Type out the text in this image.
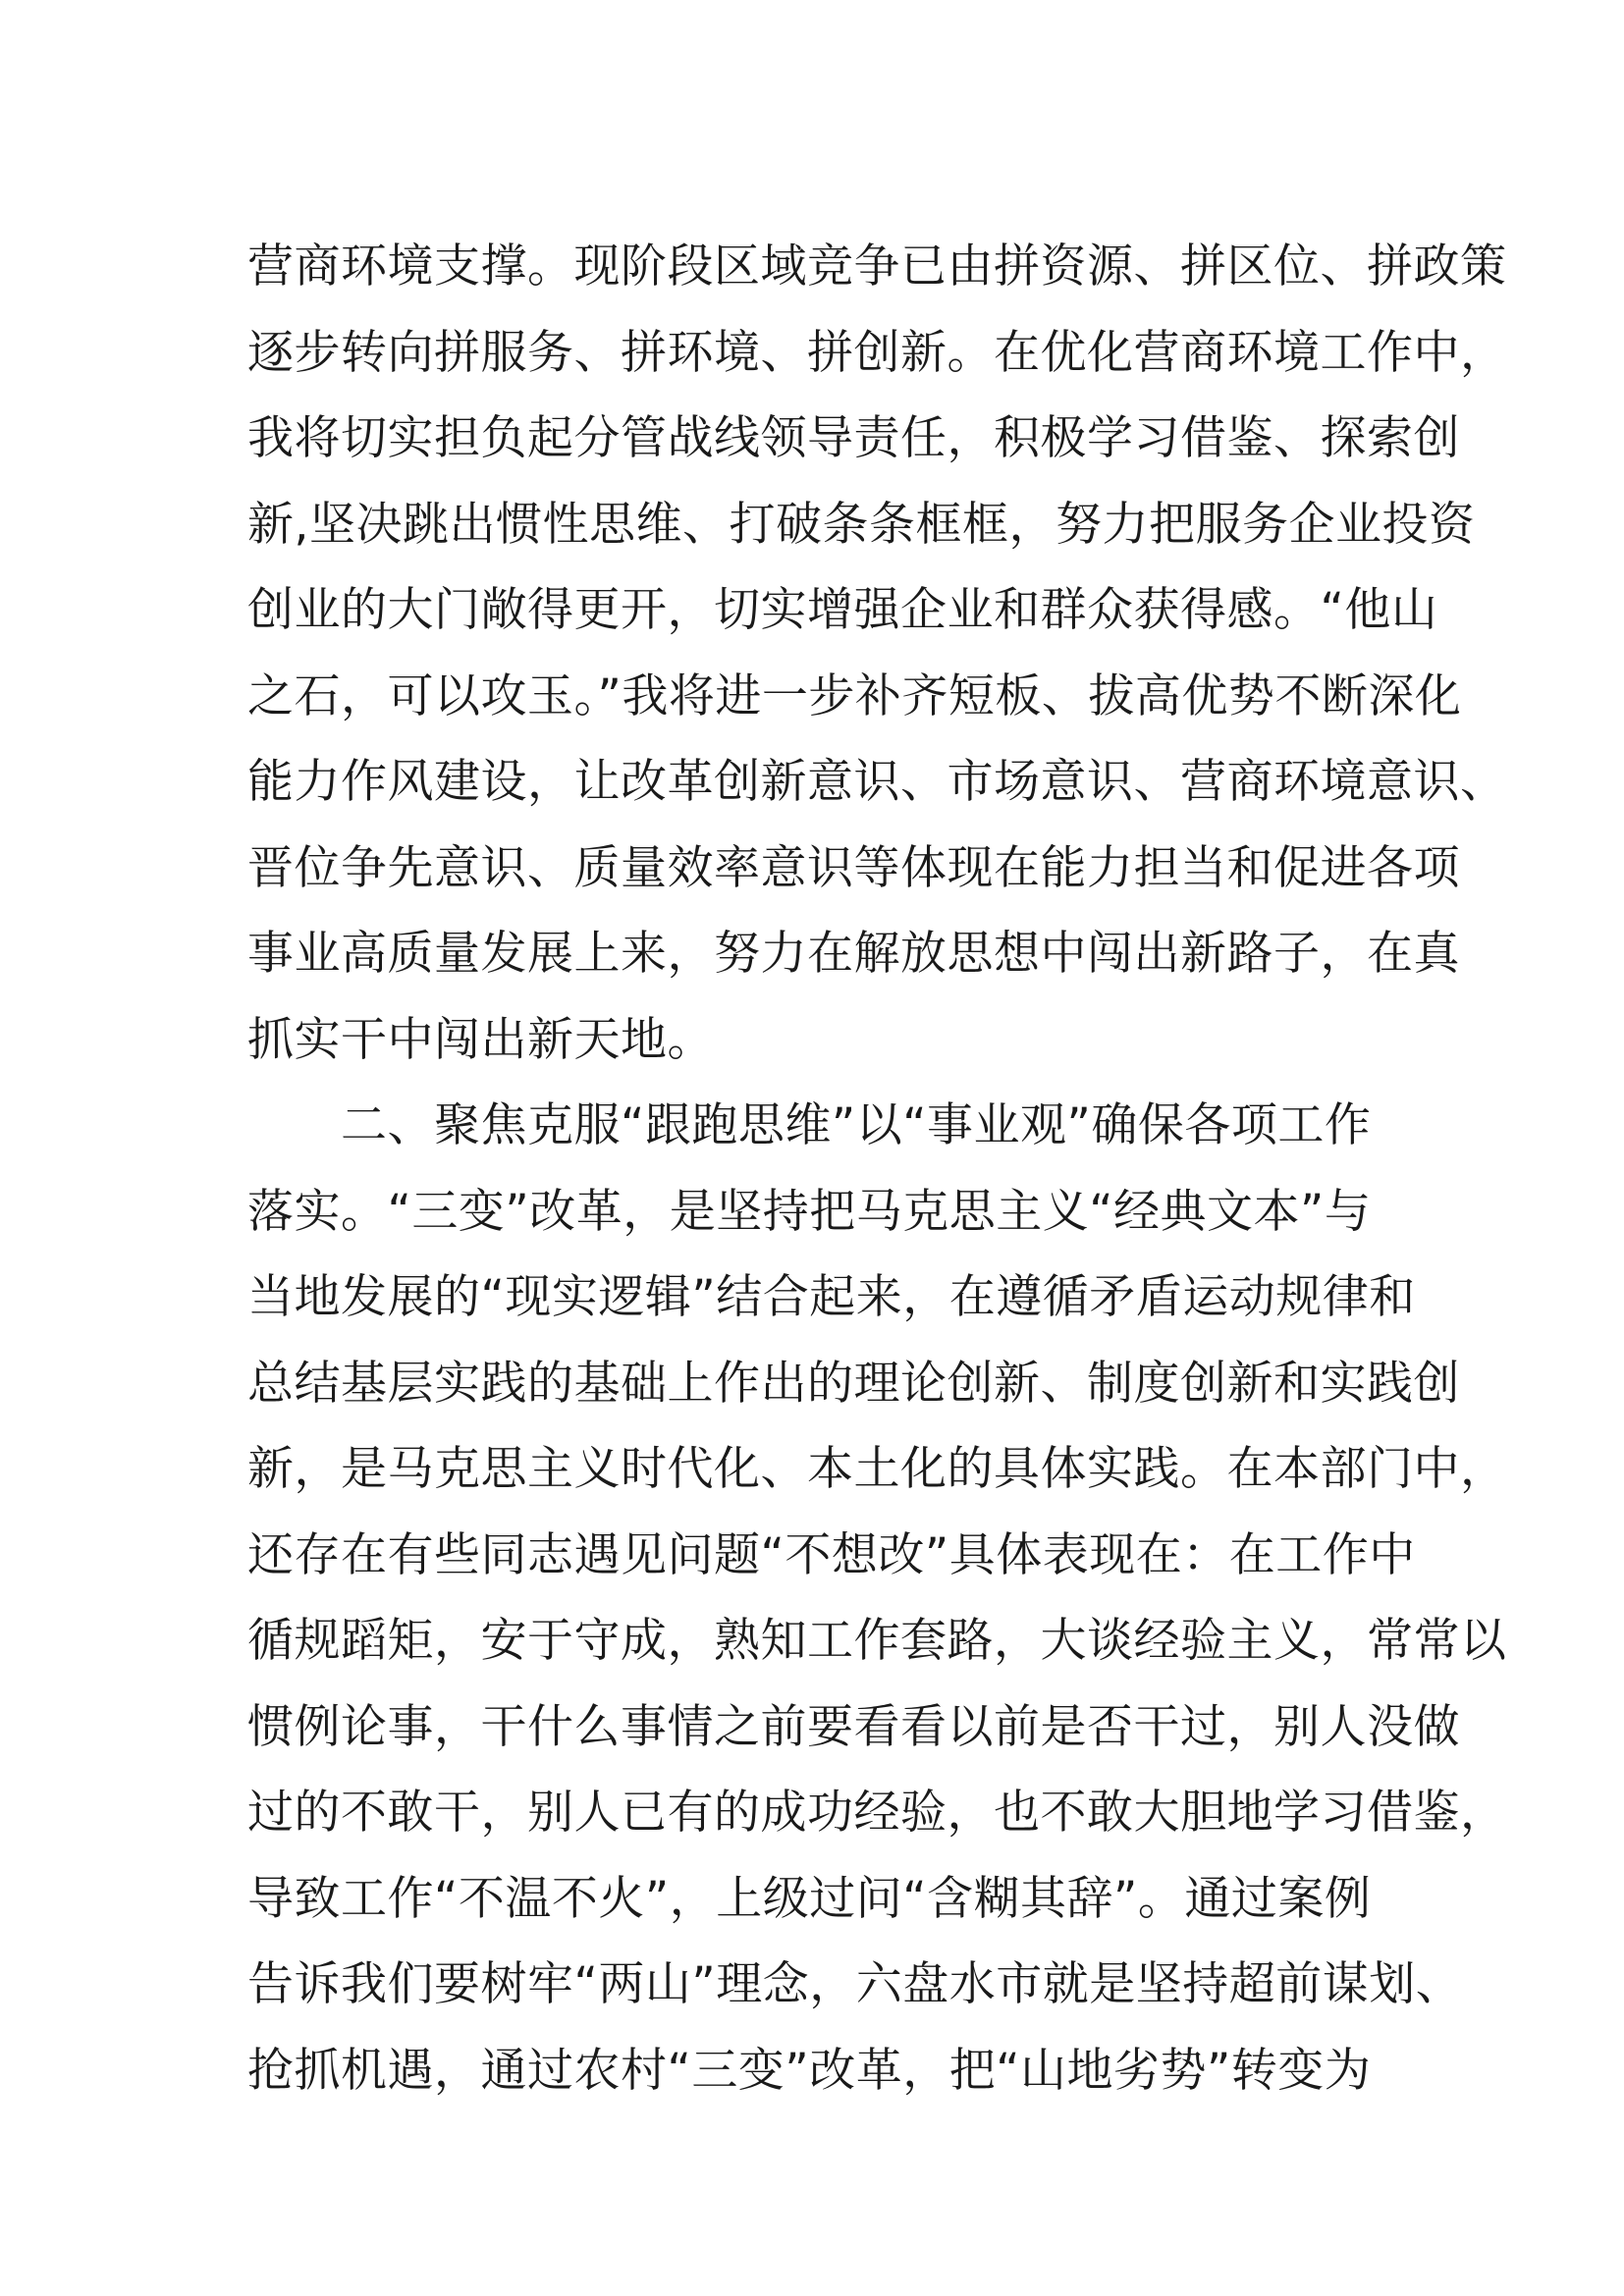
营商环境支撑。现阶段区域竞争已由拼资源、拼区位、拼政策
逐步转向拼服务、拼环境、拼创新。在优化营商环境工作中，
我将切实担负起分管战线领导责任，积极学习借鉴、探索创
新,坚决跳出惯性思维、打破条条框框，努力把服务企业投资
创业的大门敞得更开，切实增强企业和群众获得感。“他山
之石，可以攻玉。”我将进一步补齐短板、拔高优势不断深化
能力作风建设，让改革创新意识、市场意识、营商环境意识、
晋位争先意识、质量效率意识等体现在能力担当和促进各项
事业高质量发展上来，努力在解放思想中闯出新路子，在真
抓实干中闯出新天地。
　　二、聚焦克服“跟跑思维”以“事业观”确保各项工作
落实。“三变”改革，是坚持把马克思主义“经典文本”与
当地发展的“现实逻辑”结合起来，在遵循矛盾运动规律和
总结基层实践的基础上作出的理论创新、制度创新和实践创
新，是马克思主义时代化、本土化的具体实践。在本部门中，
还存在有些同志遇见问题“不想改”具体表现在：在工作中
循规蹈矩，安于守成，熟知工作套路，大谈经验主义，常常以
惯例论事，干什么事情之前要看看以前是否干过，别人没做
过的不敢干，别人已有的成功经验，也不敢大胆地学习借鉴，
导致工作“不温不火”，上级过问“含糊其辞”。通过案例
告诉我们要树牢“两山”理念，六盘水市就是坚持超前谋划、
抢抓机遇，通过农村“三变”改革，把“山地劣势”转变为
